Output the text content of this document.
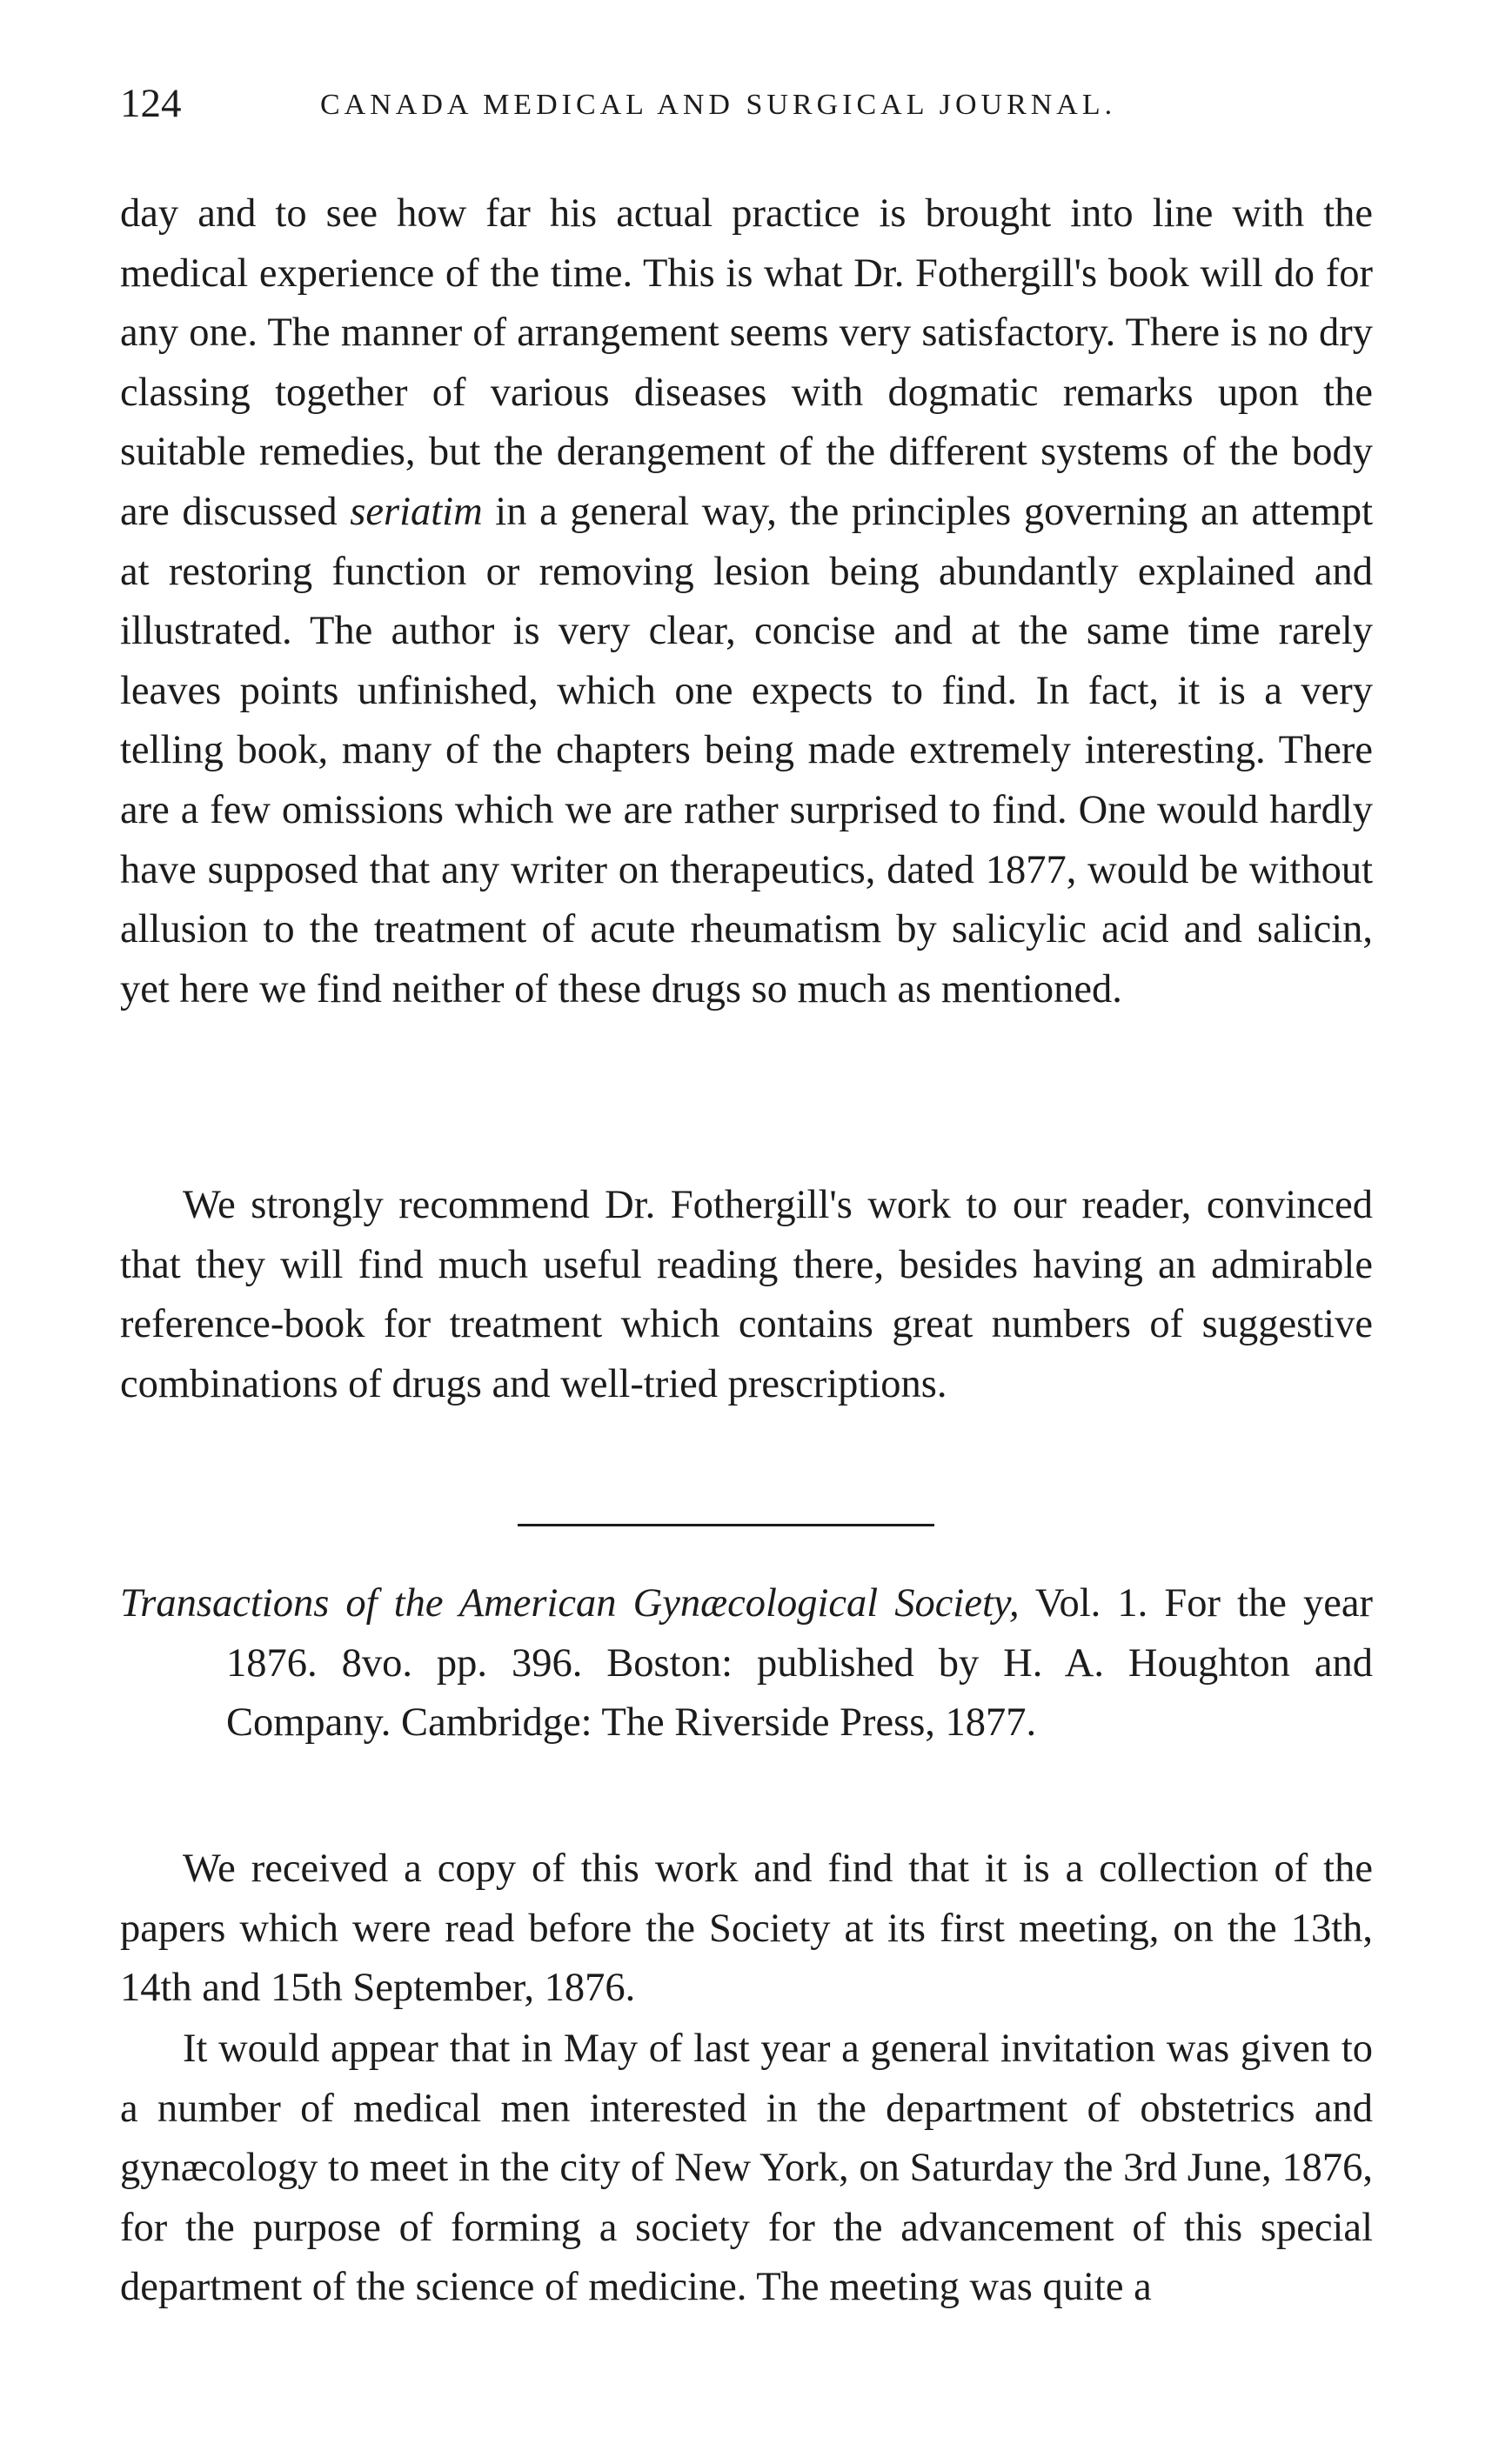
124	CANADA MEDICAL AND SURGICAL JOURNAL.

day and to see how far his actual practice is brought into line with the medical experience of the time. This is what Dr. Fothergill's book will do for any one. The manner of arrangement seems very satisfactory. There is no dry classing together of various diseases with dogmatic remarks upon the suitable remedies, but the derangement of the different systems of the body are discussed seriatim in a general way, the principles governing an attempt at restoring function or removing lesion being abundantly explained and illustrated. The author is very clear, concise and at the same time rarely leaves points unfinished, which one expects to find. In fact, it is a very telling book, many of the chapters being made extremely interesting. There are a few omissions which we are rather surprised to find. One would hardly have supposed that any writer on therapeutics, dated 1877, would be without allusion to the treatment of acute rheumatism by salicylic acid and salicin, yet here we find neither of these drugs so much as mentioned.

We strongly recommend Dr. Fothergill's work to our reader, convinced that they will find much useful reading there, besides having an admirable reference-book for treatment which contains great numbers of suggestive combinations of drugs and well-tried prescriptions.

Transactions of the American Gynæcological Society, Vol. 1. For the year 1876. 8vo. pp. 396. Boston: published by H. A. Houghton and Company. Cambridge: The Riverside Press, 1877.

We received a copy of this work and find that it is a collection of the papers which were read before the Society at its first meeting, on the 13th, 14th and 15th September, 1876.

It would appear that in May of last year a general invitation was given to a number of medical men interested in the department of obstetrics and gynæcology to meet in the city of New York, on Saturday the 3rd June, 1876, for the purpose of forming a society for the advancement of this special department of the science of medicine. The meeting was quite a
